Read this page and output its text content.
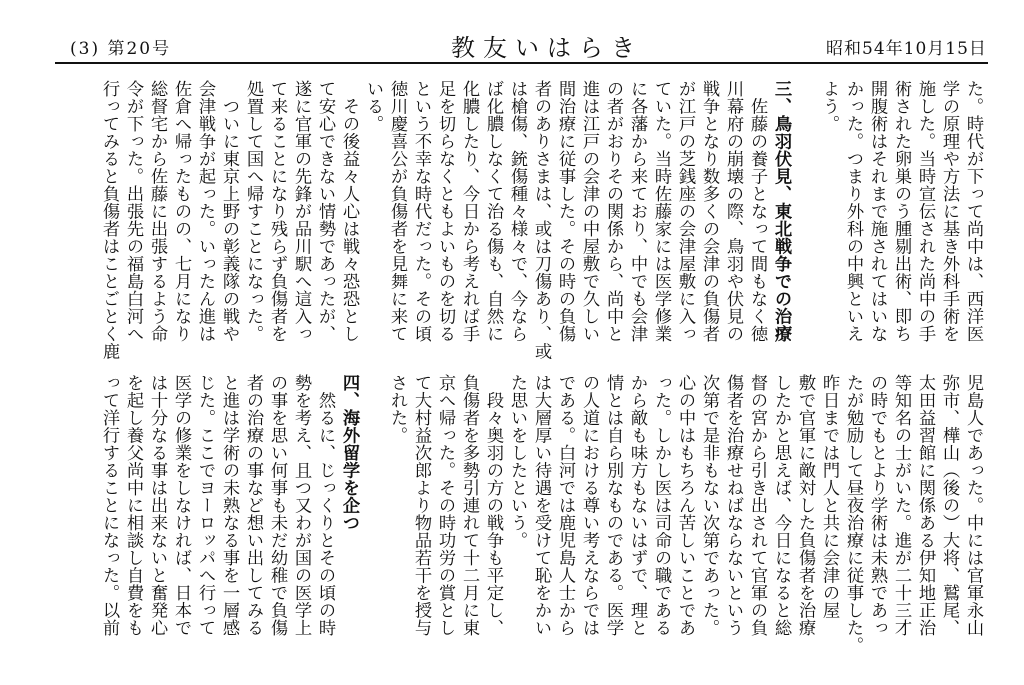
(3) 第20号	教友いはらき	昭和54年10月15日
た。時代が下って尚中は、西洋医
学の原理や方法に基き外科手術を
施した。当時宣伝された尚中の手
術された卵巣のう腫剔出術、即ち
開腹術はそれまで施されてはいな
かった。つまり外科の中興といえ
よう。
三、鳥羽伏見、東北戦争での治療
　佐藤の養子となって間もなく徳
川幕府の崩壊の際、鳥羽や伏見の
戦争となり数多くの会津の負傷者
が江戸の芝銭座の会津屋敷に入っ
ていた。当時佐藤家には医学修業
に各藩から来ており、中でも会津
の者がおりその関係から、尚中と
進は江戸の会津の中屋敷で久しい
間治療に従事した。その時の負傷
者のありさまは、或は刀傷あり、或
は槍傷、銃傷種々様々で、今なら
ば化膿しなくて治る傷も、自然に
化膿したり、今日から考えれば手
足を切らなくともよいものを切る
という不幸な時代だった。その頃
徳川慶喜公が負傷者を見舞に来て
いる。
　その後益々人心は戦々恐恐とし
て安心できない情勢であったが、
遂に官軍の先鋒が品川駅へ這入っ
て来ることになり残らず負傷者を
処置して国へ帰すことになった。
　ついに東京上野の彰義隊の戦や
会津戦争が起った。いったん進は
佐倉へ帰ったものの、七月になり
総督宅から佐藤に出張するよう命
令が下った。出張先の福島白河へ
行ってみると負傷者はことごとく鹿
児島人であった。中には官軍永山
弥市、樺山（後の）大将、鷲尾、
太田益習館に関係ある伊知地正治
等知名の士がいた。進が二十三才
の時でもとより学術は未熟であっ
たが勉励して昼夜治療に従事した。
昨日までは門人と共に会津の屋
敷で官軍に敵対した負傷者を治療
したかと思えば、今日になると総
督の宮から引き出されて官軍の負
傷者を治療せねばならないという
次第で是非もない次第であった。
心の中はもちろん苦しいことであ
った。しかし医は司命の職である
から敵も味方もないはずで、理と
情とは自ら別なものである。医学
の人道における尊い考えならでは
である。白河では鹿児島人士から
は大層厚い待遇を受けて恥をかい
た思いをしたという。
　段々奥羽の方の戦争も平定し、
負傷者を多勢引連れて十二月に東
京へ帰った。その時功労の賞とし
て大村益次郎より物品若干を授与
された。
四、海外留学を企つ
　然るに、じっくりとその頃の時
勢を考え、且つ又わが国の医学上
の事を思い何事も未だ幼稚で負傷
者の治療の事など想い出してみる
と進は学術の未熟なる事を一層感
じた。ここでヨーロッパへ行って
医学の修業をしなければ、日本で
は十分なる事は出来ないと奮発心
を起し養父尚中に相談し自費をも
って洋行することになった。以前
